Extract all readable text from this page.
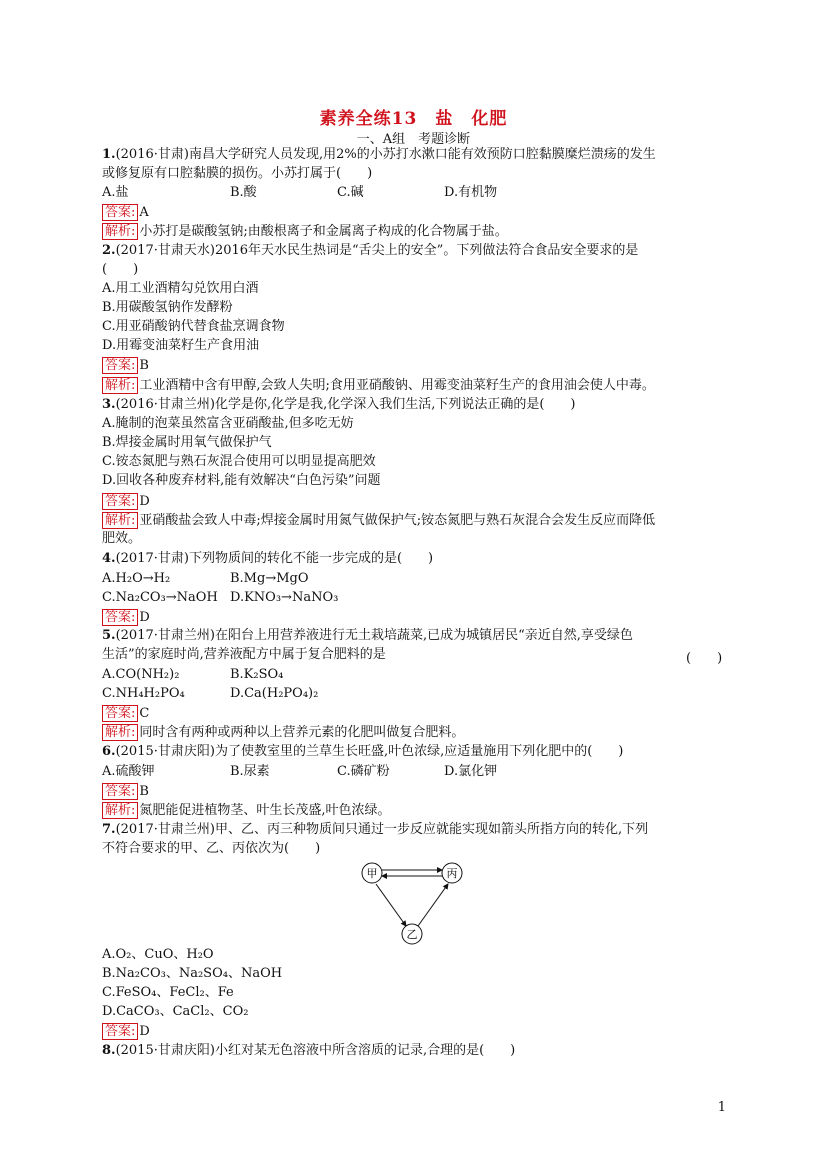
素养全练13　盐　化肥
一、A组　考题诊断
1.(2016·甘肃)南昌大学研究人员发现,用2%的小苏打水漱口能有效预防口腔黏膜糜烂溃疡的发生
或修复原有口腔黏膜的损伤。小苏打属于(　　)
A.盐	B.酸	C.碱	D.有机物
答案: A
解析: 小苏打是碳酸氢钠;由酸根离子和金属离子构成的化合物属于盐。
2.(2017·甘肃天水)2016年天水民生热词是“舌尖上的安全”。下列做法符合食品安全要求的是
(　　)
A.用工业酒精勾兑饮用白酒
B.用碳酸氢钠作发酵粉
C.用亚硝酸钠代替食盐烹调食物
D.用霉变油菜籽生产食用油
答案: B
解析: 工业酒精中含有甲醇,会致人失明;食用亚硝酸钠、用霉变油菜籽生产的食用油会使人中毒。
3.(2016·甘肃兰州)化学是你,化学是我,化学深入我们生活,下列说法正确的是(　　)
A.腌制的泡菜虽然富含亚硝酸盐,但多吃无妨
B.焊接金属时用氧气做保护气
C.铵态氮肥与熟石灰混合使用可以明显提高肥效
D.回收各种废弃材料,能有效解决“白色污染”问题
答案: D
解析: 亚硝酸盐会致人中毒;焊接金属时用氮气做保护气;铵态氮肥与熟石灰混合会发生反应而降低
肥效。
4.(2017·甘肃)下列物质间的转化不能一步完成的是(　　)
A.H₂O→H₂	B.Mg→MgO
C.Na₂CO₃→NaOH D.KNO₃→NaNO₃
答案: D
5.(2017·甘肃兰州)在阳台上用营养液进行无土栽培蔬菜,已成为城镇居民“亲近自然,享受绿色
生活”的家庭时尚,营养液配方中属于复合肥料的是	(　　)
A.CO(NH₂)₂	B.K₂SO₄
C.NH₄H₂PO₄	D.Ca(H₂PO₄)₂
答案: C
解析: 同时含有两种或两种以上营养元素的化肥叫做复合肥料。
6.(2015·甘肃庆阳)为了使教室里的兰草生长旺盛,叶色浓绿,应适量施用下列化肥中的(　　)
A.硫酸钾	B.尿素	C.磷矿粉	D.氯化钾
答案: B
解析: 氮肥能促进植物茎、叶生长茂盛,叶色浓绿。
7.(2017·甘肃兰州)甲、乙、丙三种物质间只通过一步反应就能实现如箭头所指方向的转化,下列
不符合要求的甲、乙、丙依次为(　　)
甲	丙
乙
A.O₂、CuO、H₂O
B.Na₂CO₃、Na₂SO₄、NaOH
C.FeSO₄、FeCl₂、Fe
D.CaCO₃、CaCl₂、CO₂
答案: D
8.(2015·甘肃庆阳)小红对某无色溶液中所含溶质的记录,合理的是(　　)
1
